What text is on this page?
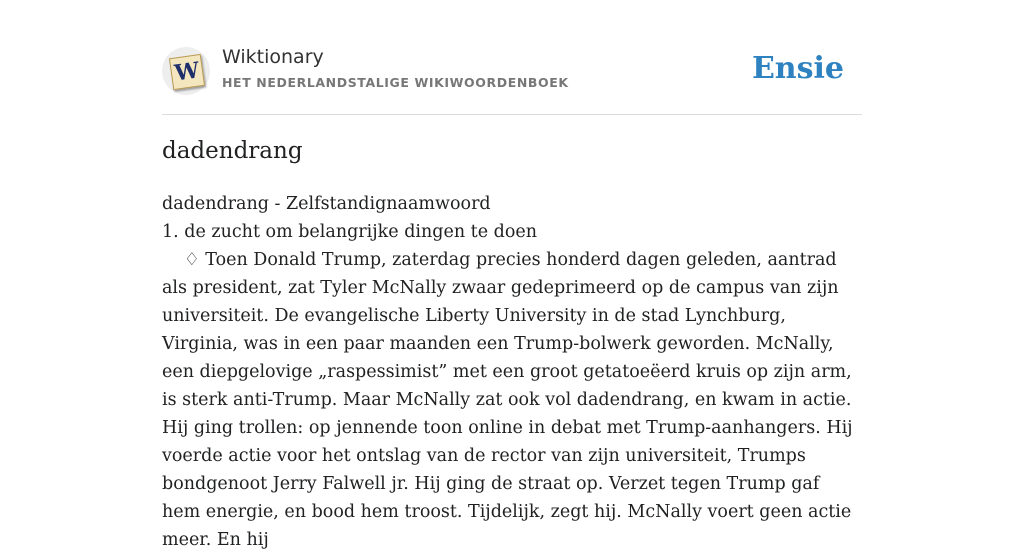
W
Wiktionary
HET NEDERLANDSTALIGE WIKIWOORDENBOEK	Ensie
dadendrang

dadendrang - Zelfstandignaamwoord

1. de zucht om belangrijke dingen te doen

♢ Toen Donald Trump, zaterdag precies honderd dagen geleden, aantrad als president, zat Tyler McNally zwaar gedeprimeerd op de campus van zijn universiteit. De evangelische Liberty University in de stad Lynchburg, Virginia, was in een paar maanden een Trump-bolwerk geworden. McNally, een diepgelovige „raspessimist” met een groot getatoeëerd kruis op zijn arm, is sterk anti-Trump. Maar McNally zat ook vol dadendrang, en kwam in actie. Hij ging trollen: op jennende toon online in debat met Trump-aanhangers. Hij voerde actie voor het ontslag van de rector van zijn universiteit, Trumps bondgenoot Jerry Falwell jr. Hij ging de straat op. Verzet tegen Trump gaf hem energie, en bood hem troost. Tijdelijk, zegt hij. McNally voert geen actie meer. En hij
